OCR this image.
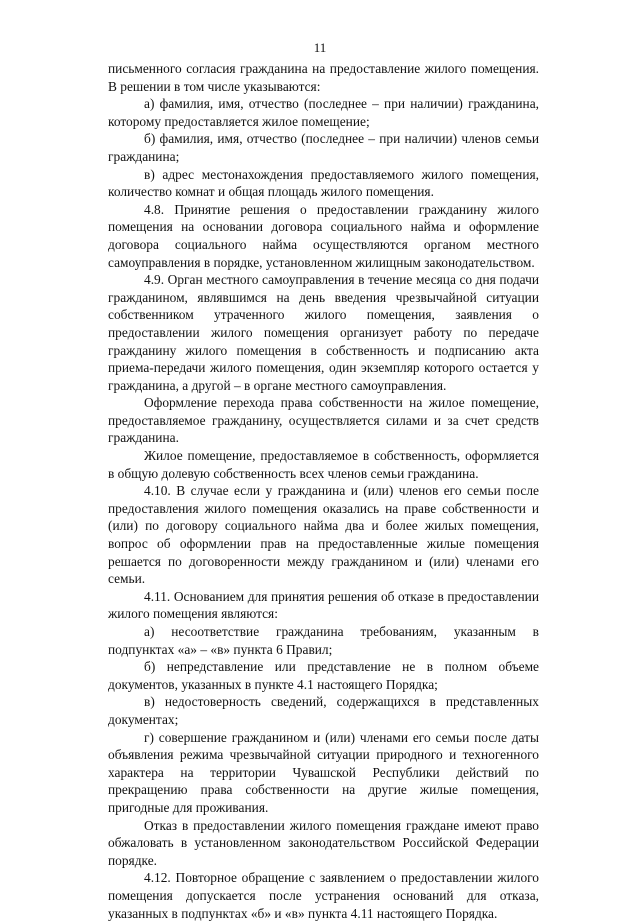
11

письменного согласия гражданина на предоставление жилого помещения. В решении в том числе указываются:

а) фамилия, имя, отчество (последнее – при наличии) гражданина, которому предоставляется жилое помещение;

б) фамилия, имя, отчество (последнее – при наличии) членов семьи гражданина;

в) адрес местонахождения предоставляемого жилого помещения, количество комнат и общая площадь жилого помещения.

4.8. Принятие решения о предоставлении гражданину жилого помещения на основании договора социального найма и оформление договора социального найма осуществляются органом местного самоуправления в порядке, установленном жилищным законодательством.

4.9. Орган местного самоуправления в течение месяца со дня подачи гражданином, являвшимся на день введения чрезвычайной ситуации собственником утраченного жилого помещения, заявления о предоставлении жилого помещения организует работу по передаче гражданину жилого помещения в собственность и подписанию акта приема-передачи жилого помещения, один экземпляр которого остается у гражданина, а другой – в органе местного самоуправления.

Оформление перехода права собственности на жилое помещение, предоставляемое гражданину, осуществляется силами и за счет средств гражданина.

Жилое помещение, предоставляемое в собственность, оформляется в общую долевую собственность всех членов семьи гражданина.

4.10. В случае если у гражданина и (или) членов его семьи после предоставления жилого помещения оказались на праве собственности и (или) по договору социального найма два и более жилых помещения, вопрос об оформлении прав на предоставленные жилые помещения решается по договоренности между гражданином и (или) членами его семьи.

4.11. Основанием для принятия решения об отказе в предоставлении жилого помещения являются:

а) несоответствие гражданина требованиям, указанным в подпунктах «а» – «в» пункта 6 Правил;

б) непредставление или представление не в полном объеме документов, указанных в пункте 4.1 настоящего Порядка;

в) недостоверность сведений, содержащихся в представленных документах;

г) совершение гражданином и (или) членами его семьи после даты объявления режима чрезвычайной ситуации природного и техногенного характера на территории Чувашской Республики действий по прекращению права собственности на другие жилые помещения, пригодные для проживания.

Отказ в предоставлении жилого помещения граждане имеют право обжаловать в установленном законодательством Российской Федерации порядке.

4.12. Повторное обращение с заявлением о предоставлении жилого помещения допускается после устранения оснований для отказа, указанных в подпунктах «б» и «в» пункта 4.11 настоящего Порядка.
